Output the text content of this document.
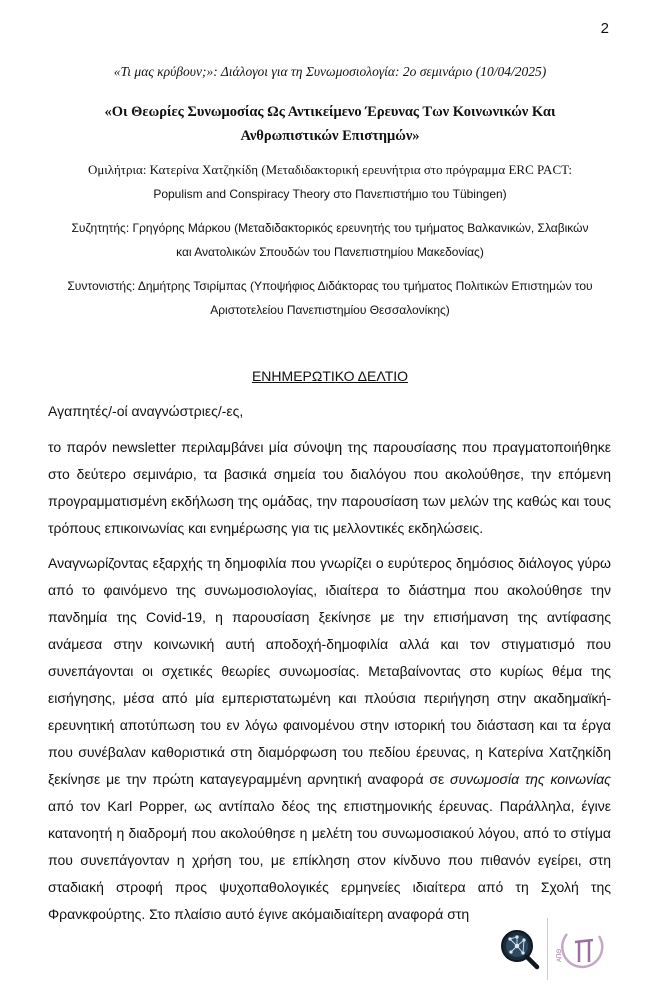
2
«Τι μας κρύβουν;»: Διάλογοι για τη Συνωμοσιολογία: 2ο σεμινάριο (10/04/2025)
«Οι Θεωρίες Συνωμοσίας Ως Αντικείμενο Έρευνας Των Κοινωνικών Και
Ανθρωπιστικών Επιστημών»
Ομιλήτρια: Κατερίνα Χατζηκίδη (Μεταδιδακτορική ερευνήτρια στο πρόγραμμα ERC PACT:
Populism and Conspiracy Theory στο Πανεπιστήμιο του Tübingen)
Συζητητής: Γρηγόρης Μάρκου (Μεταδιδακτορικός ερευνητής του τμήματος Βαλκανικών, Σλαβικών
και Ανατολικών Σπουδών του Πανεπιστημίου Μακεδονίας)
Συντονιστής: Δημήτρης Τσιρίμπας (Υποψήφιος Διδάκτορας του τμήματος Πολιτικών Επιστημών του
Αριστοτελείου Πανεπιστημίου Θεσσαλονίκης)
ΕΝΗΜΕΡΩΤΙΚΟ ΔΕΛΤΙΟ
Αγαπητές/-οί αναγνώστριες/-ες,
το παρόν newsletter περιλαμβάνει μία σύνοψη της παρουσίασης που πραγματοποιήθηκε στο δεύτερο σεμινάριο, τα βασικά σημεία του διαλόγου που ακολούθησε, την επόμενη προγραμματισμένη εκδήλωση της ομάδας, την παρουσίαση των μελών της καθώς και τους τρόπους επικοινωνίας και ενημέρωσης για τις μελλοντικές εκδηλώσεις.
Αναγνωρίζοντας εξαρχής τη δημοφιλία που γνωρίζει ο ευρύτερος δημόσιος διάλογος γύρω από το φαινόμενο της συνωμοσιολογίας, ιδιαίτερα το διάστημα που ακολούθησε την πανδημία της Covid-19, η παρουσίαση ξεκίνησε με την επισήμανση της αντίφασης ανάμεσα στην κοινωνική αυτή αποδοχή-δημοφιλία αλλά και τον στιγματισμό που συνεπάγονται οι σχετικές θεωρίες συνωμοσίας. Μεταβαίνοντας στο κυρίως θέμα της εισήγησης, μέσα από μία εμπεριστατωμένη και πλούσια περιήγηση στην ακαδημαϊκή-ερευνητική αποτύπωση του εν λόγω φαινομένου στην ιστορική του διάσταση και τα έργα που συνέβαλαν καθοριστικά στη διαμόρφωση του πεδίου έρευνας, η Κατερίνα Χατζηκίδη ξεκίνησε με την πρώτη καταγεγραμμένη αρνητική αναφορά σε συνωμοσία της κοινωνίας από τον Karl Popper, ως αντίπαλο δέος της επιστημονικής έρευνας. Παράλληλα, έγινε κατανοητή η διαδρομή που ακολούθησε η μελέτη του συνωμοσιακού λόγου, από το στίγμα που συνεπάγονταν η χρήση του, με επίκληση στον κίνδυνο που πιθανόν εγείρει, στη σταδιακή στροφή προς ψυχοπαθολογικές ερμηνείες ιδιαίτερα από τη Σχολή της Φρανκφούρτης. Στο πλαίσιο αυτό έγινε ακόμαιδιαίτερη αναφορά στη
ΑΠΘ
